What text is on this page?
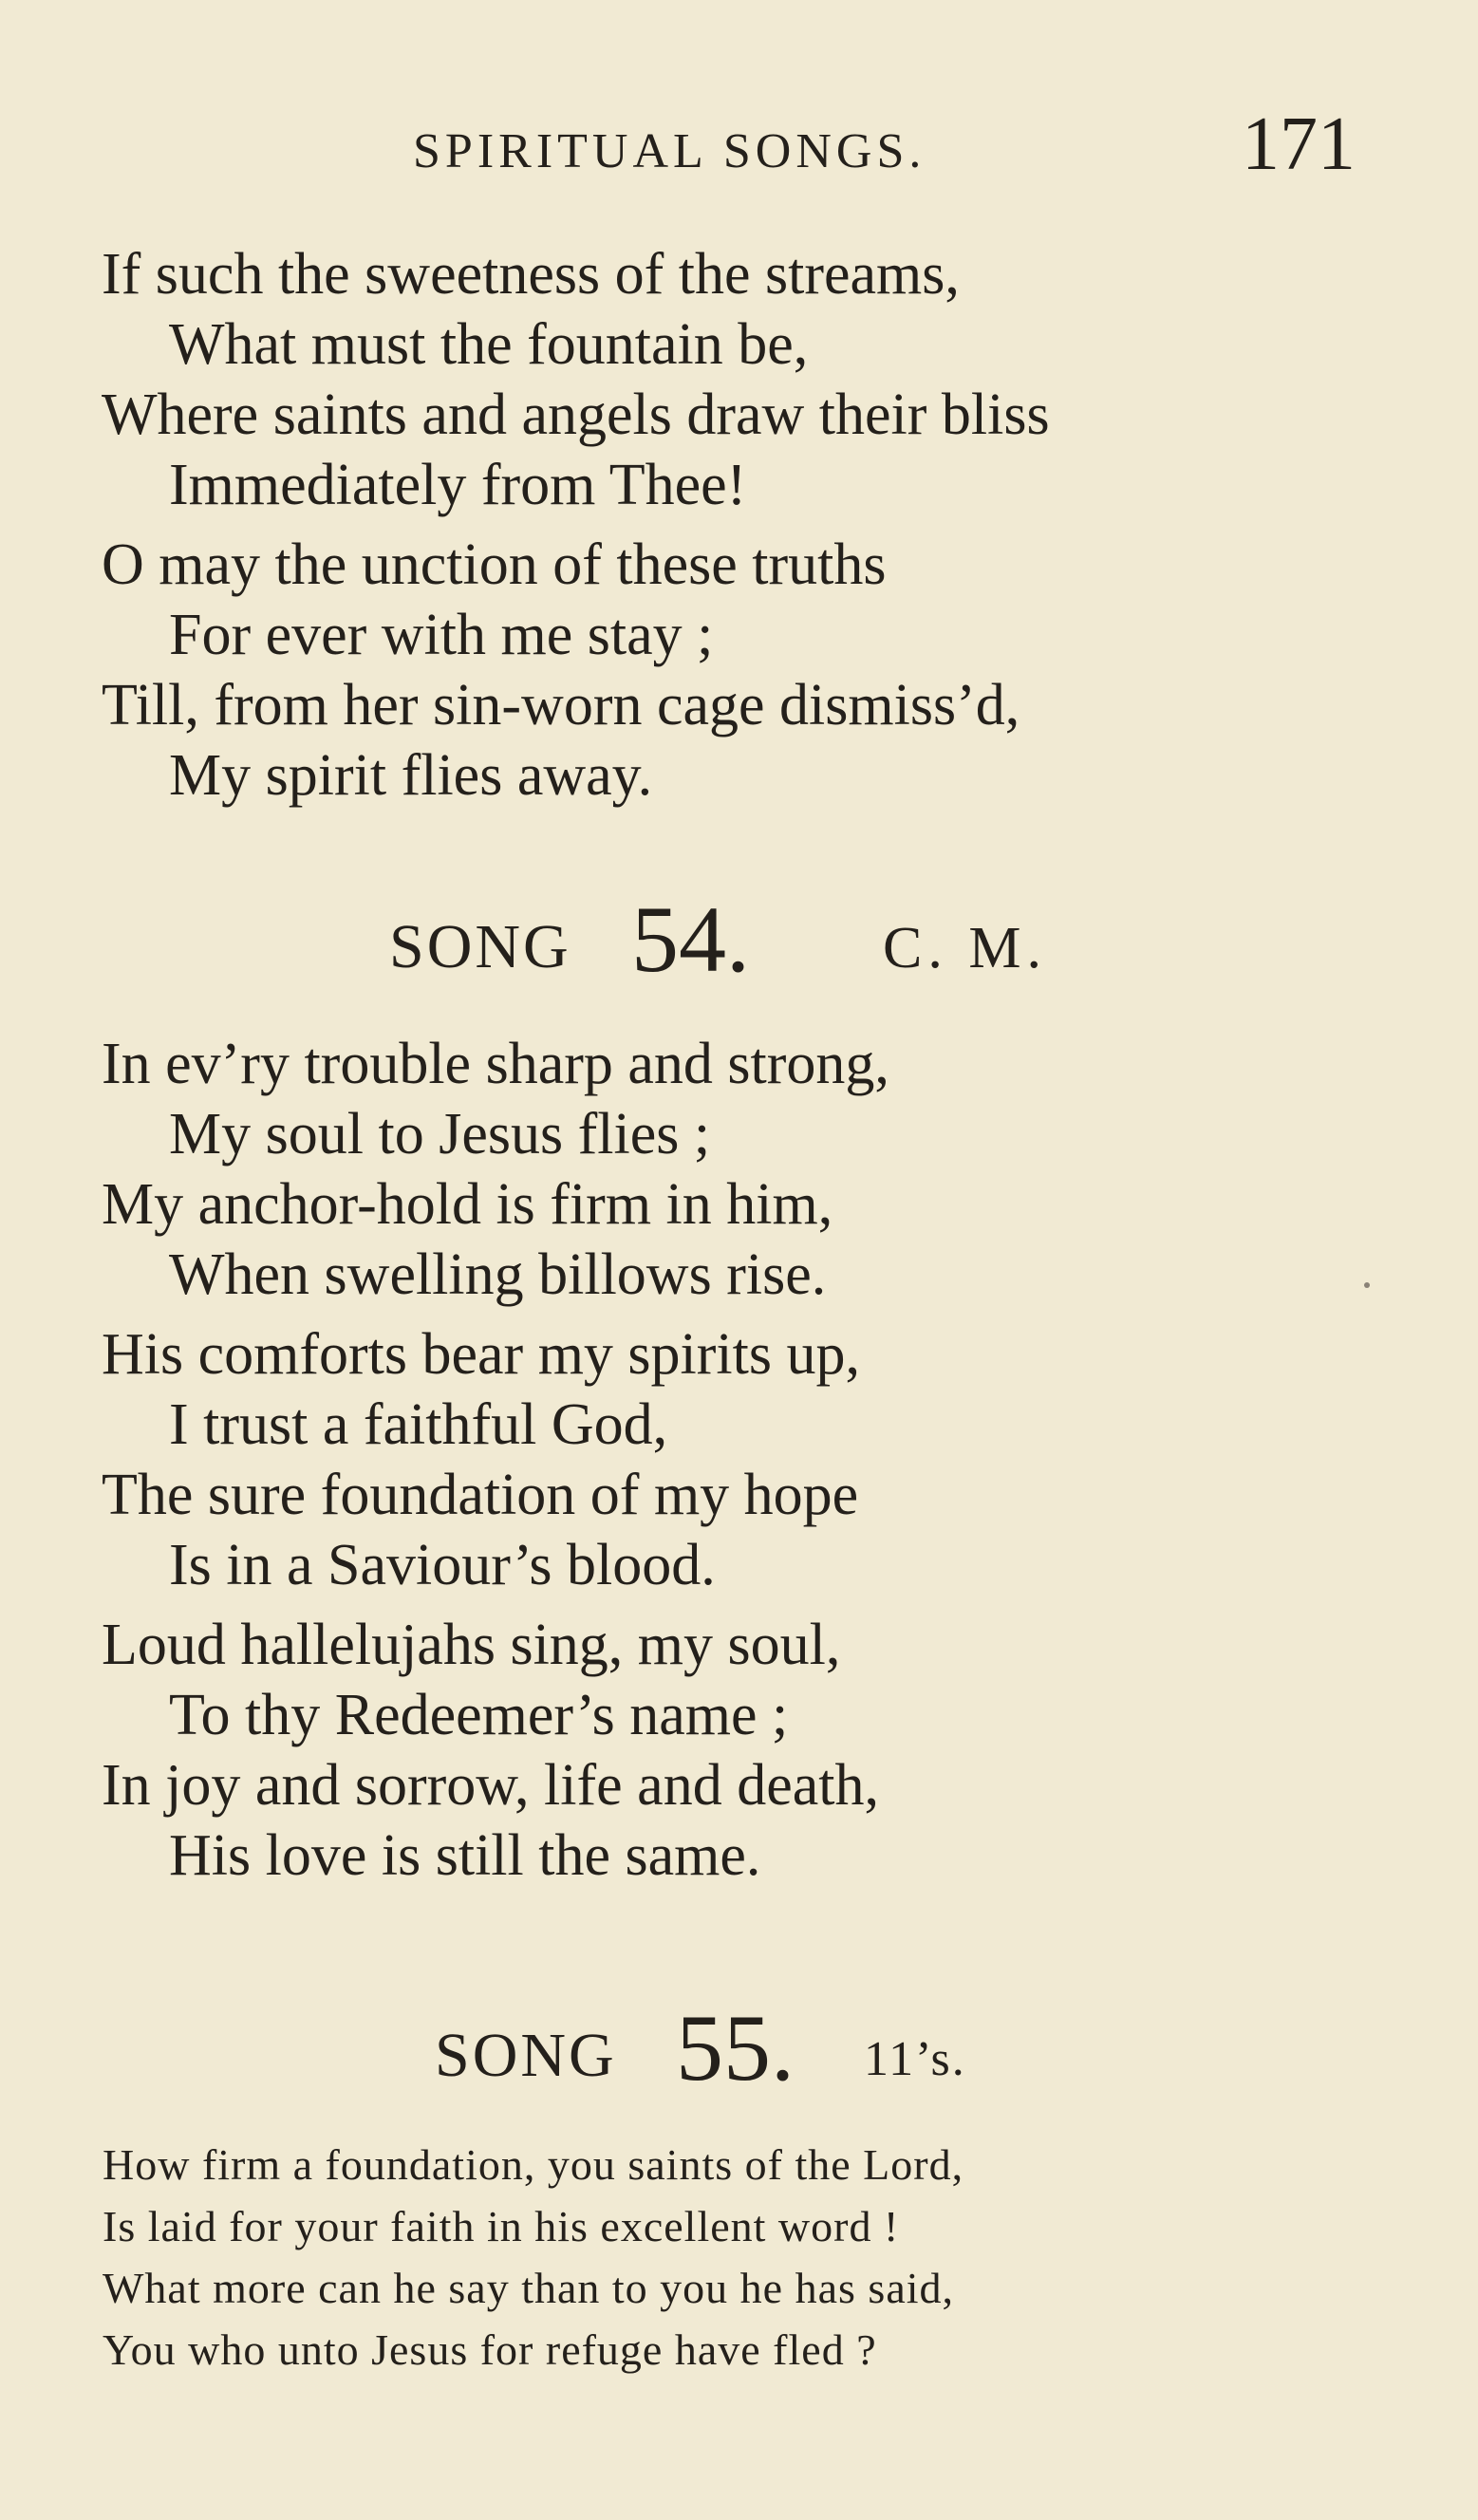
SPIRITUAL SONGS.	171
If such the sweetness of the streams,
What must the fountain be,
Where saints and angels draw their bliss
Immediately from Thee!
O may the unction of these truths
For ever with me stay ;
Till, from her sin-worn cage dismiss’d,
My spirit flies away.
SONG 54. C. M.
In ev’ry trouble sharp and strong,
My soul to Jesus flies ;
My anchor-hold is firm in him,
When swelling billows rise.
His comforts bear my spirits up,
I trust a faithful God,
The sure foundation of my hope
Is in a Saviour’s blood.
Loud hallelujahs sing, my soul,
To thy Redeemer’s name ;
In joy and sorrow, life and death,
His love is still the same.
SONG 55. 11’s.
How firm a foundation, you saints of the Lord,
Is laid for your faith in his excellent word !
What more can he say than to you he has said,
You who unto Jesus for refuge have fled ?
